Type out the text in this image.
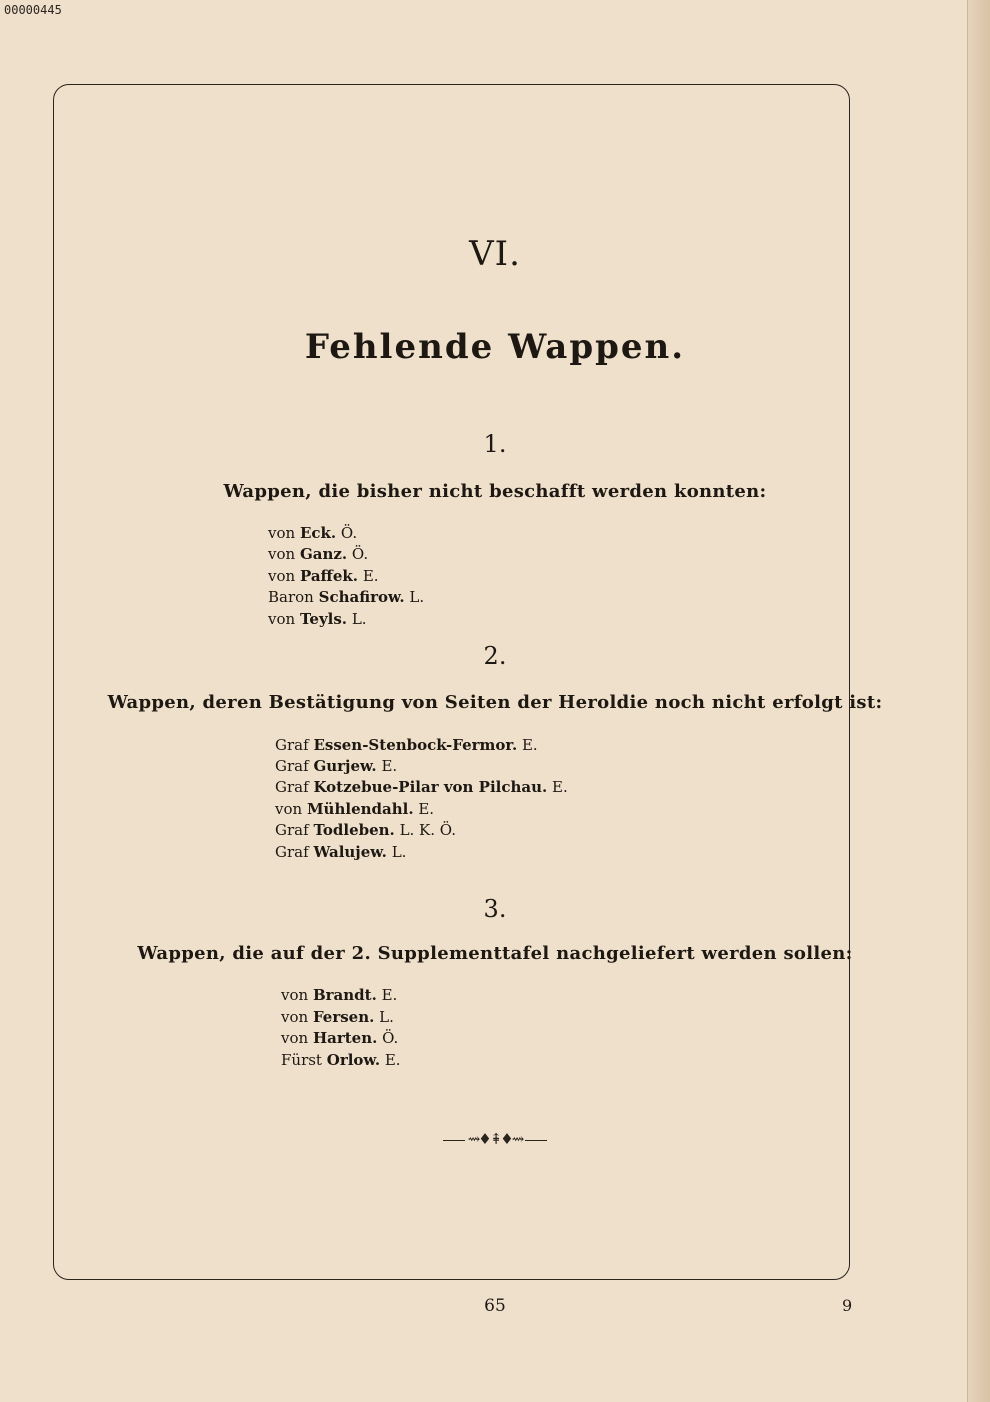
00000445
VI.
Fehlende Wappen.
1.
Wappen, die bisher nicht beschafft werden konnten:
von Eck. Ö.
von Ganz. Ö.
von Paffek. E.
Baron Schafirow. L.
von Teyls. L.
2.
Wappen, deren Bestätigung von Seiten der Heroldie noch nicht erfolgt ist:
Graf Essen-Stenbock-Fermor. E.
Graf Gurjew. E.
Graf Kotzebue-Pilar von Pilchau. E.
von Mühlendahl. E.
Graf Todleben. L. K. Ö.
Graf Walujew. L.
3.
Wappen, die auf der 2. Supplementtafel nachgeliefert werden sollen:
von Brandt. E.
von Fersen. L.
von Harten. Ö.
Fürst Orlow. E.
⇝♦⇞♦⇝
65	9
